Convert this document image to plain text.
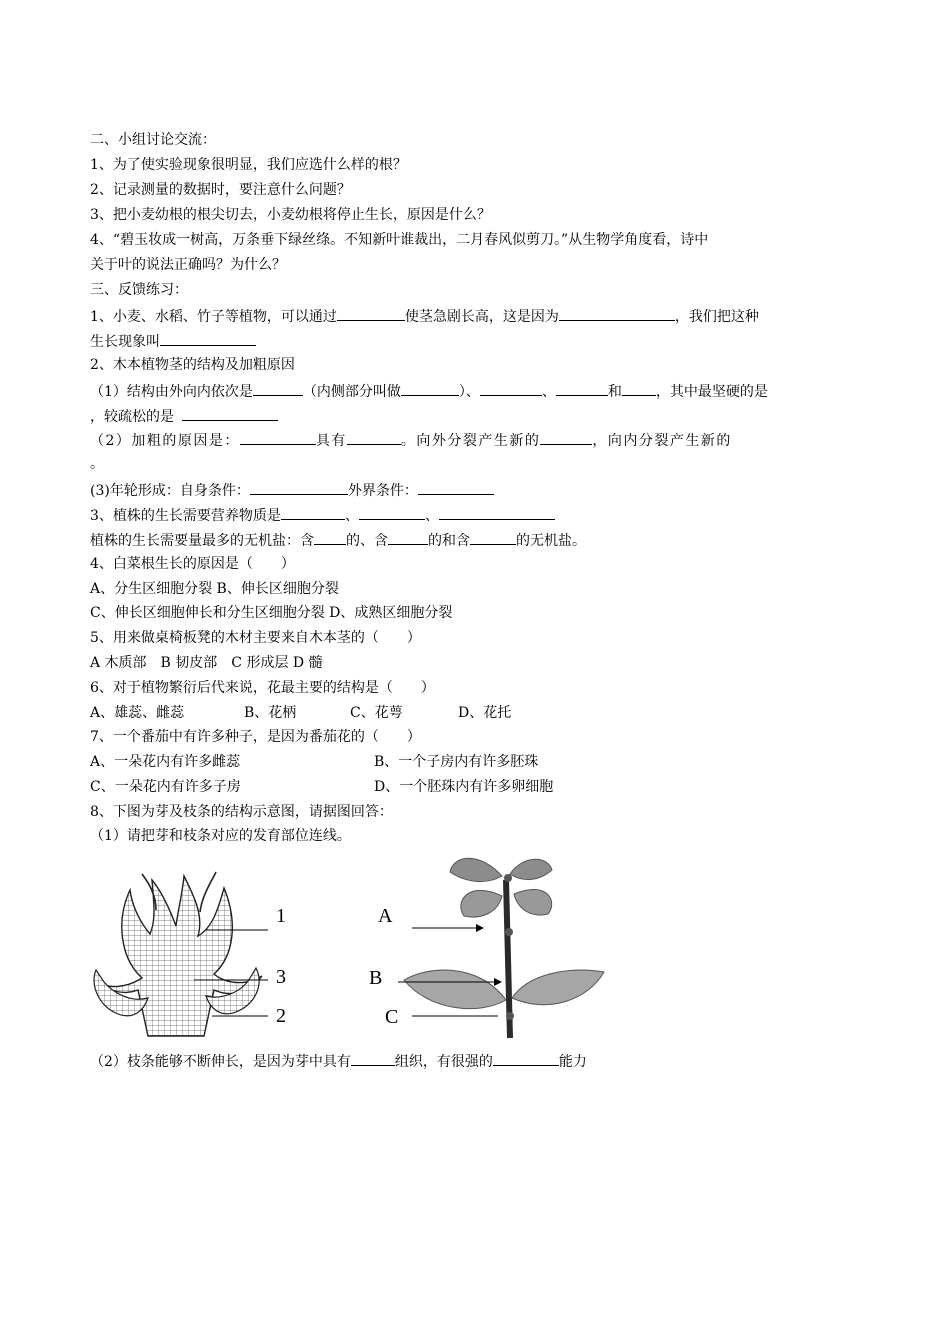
二、小组讨论交流：
1、为了使实验现象很明显，我们应选什么样的根？
2、记录测量的数据时，要注意什么问题？
3、把小麦幼根的根尖切去，小麦幼根将停止生长，原因是什么？
4、“碧玉妆成一树高，万条垂下绿丝绦。不知新叶谁裁出，二月春风似剪刀。”从生物学角度看，诗中
关于叶的说法正确吗？为什么？
三、反馈练习：
1、小麦、水稻、竹子等植物，可以通过	使茎急剧长高，这是因为	，我们把这种
生长现象叫
2、木本植物茎的结构及加粗原因
（1）结构由外向内依次是	（内侧部分叫做	）、	、	和 ，其中最坚硬的是
，较疏松的是
（2）加粗的原因是：	具有	。向外分裂产生新的	，向内分裂产生新的
。
(3)年轮形成：自身条件：	外界条件：
3、植株的生长需要营养物质是	、	、
植株的生长需要量最多的无机盐：含 的、含	的和含	的无机盐。
4、白菜根生长的原因是（　　）
A、分生区细胞分裂 B、伸长区细胞分裂
C、伸长区细胞伸长和分生区细胞分裂 D、成熟区细胞分裂
5、用来做桌椅板凳的木材主要来自木本茎的（　　）
A 木质部　B 韧皮部　C 形成层 D 髓
6、对于植物繁衍后代来说，花最主要的结构是（　　）
A、雄蕊、雌蕊	B、花柄	C、花萼	D、花托
7、一个番茄中有许多种子，是因为番茄花的（　　）
A、一朵花内有许多雌蕊	B、一个子房内有许多胚珠
C、一朵花内有许多子房	D、一个胚珠内有许多卵细胞
8、下图为芽及枝条的结构示意图，请据图回答：
（1）请把芽和枝条对应的发育部位连线。
1
3
2
A
B
C
（2）枝条能够不断伸长，是因为芽中具有	组织，有很强的	能力
